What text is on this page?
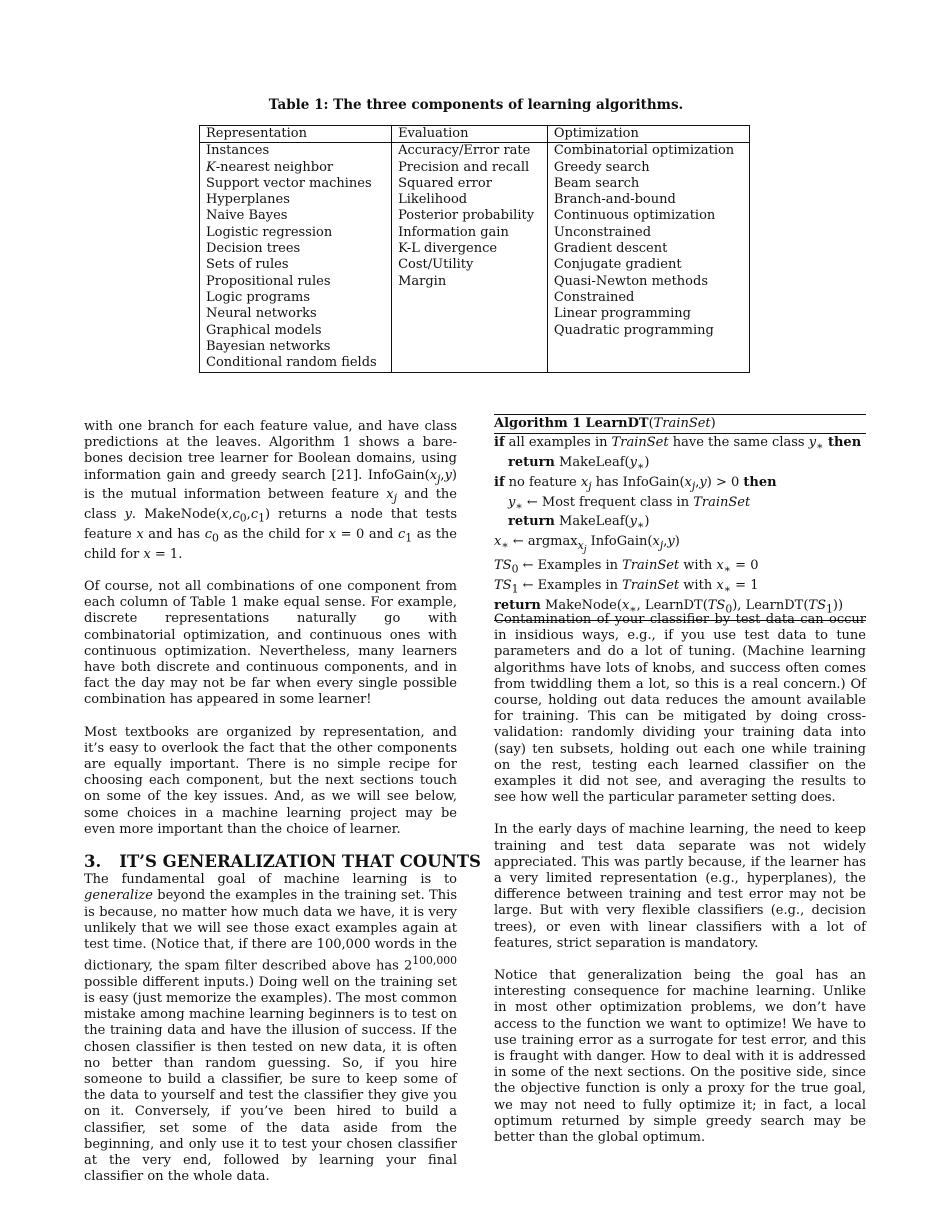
Table 1: The three components of learning algorithms.
Representation	Evaluation	Optimization
Instances	Accuracy/Error rate	Combinatorial optimization
K-nearest neighbor	Precision and recall	Greedy search
Support vector machines	Squared error	Beam search
Hyperplanes	Likelihood	Branch-and-bound
Naive Bayes	Posterior probability	Continuous optimization
Logistic regression	Information gain	Unconstrained
Decision trees	K-L divergence	Gradient descent
Sets of rules	Cost/Utility	Conjugate gradient
Propositional rules	Margin	Quasi-Newton methods
Logic programs		Constrained
Neural networks		Linear programming
Graphical models		Quadratic programming
Bayesian networks		
Conditional random fields		
Algorithm 1 LearnDT(TrainSet)
if all examples in TrainSet have the same class $y_∗$ then
return $MakeLeaf(y_∗)$
if no feature $x_j$ has $InfoGain(x_j,y) > 0$ then
$y_∗$ ← Most frequent class in TrainSet
return $MakeLeaf(y_∗)$
$x_∗$ ← argmax$_{x_j}$ $InfoGain(x_j,y)$
$TS_0$ ← Examples in TrainSet with $x_∗ = 0$
$TS_1$ ← Examples in TrainSet with $x_∗ = 1$
return $MakeNode(x_∗$, $LearnDT(TS_0)$, $LearnDT(TS_1)$)

with one branch for each feature value, and have class predictions at the leaves. Algorithm 1 shows a bare-bones decision tree learner for Boolean domains, using information gain and greedy search [21]. $InfoGain(x_j,y)$ is the mutual information between feature $x_j$ and the class y. $MakeNode(x,c_0,c_1)$ returns a node that tests feature x and has $c_0$ as the child for x = 0 and $c_1$ as the child for x = 1.

Of course, not all combinations of one component from each column of Table 1 make equal sense. For example, discrete representations naturally go with combinatorial optimization, and continuous ones with continuous optimization. Nevertheless, many learners have both discrete and continuous components, and in fact the day may not be far when every single possible combination has appeared in some learner!

Most textbooks are organized by representation, and it’s easy to overlook the fact that the other components are equally important. There is no simple recipe for choosing each component, but the next sections touch on some of the key issues. And, as we will see below, some choices in a machine learning project may be even more important than the choice of learner.

3. IT’S GENERALIZATION THAT COUNTS

The fundamental goal of machine learning is to generalize beyond the examples in the training set. This is because, no matter how much data we have, it is very unlikely that we will see those exact examples again at test time. (Notice that, if there are 100,000 words in the dictionary, the spam filter described above has 2$^{100,000}$ possible different inputs.) Doing well on the training set is easy (just memorize the examples). The most common mistake among machine learning beginners is to test on the training data and have the illusion of success. If the chosen classifier is then tested on new data, it is often no better than random guessing. So, if you hire someone to build a classifier, be sure to keep some of the data to yourself and test the classifier they give you on it. Conversely, if you’ve been hired to build a classifier, set some of the data aside from the beginning, and only use it to test your chosen classifier at the very end, followed by learning your final classifier on the whole data.

Contamination of your classifier by test data can occur in insidious ways, e.g., if you use test data to tune parameters and do a lot of tuning. (Machine learning algorithms have lots of knobs, and success often comes from twiddling them a lot, so this is a real concern.) Of course, holding out data reduces the amount available for training. This can be mitigated by doing cross-validation: randomly dividing your training data into (say) ten subsets, holding out each one while training on the rest, testing each learned classifier on the examples it did not see, and averaging the results to see how well the particular parameter setting does.

In the early days of machine learning, the need to keep training and test data separate was not widely appreciated. This was partly because, if the learner has a very limited representation (e.g., hyperplanes), the difference between training and test error may not be large. But with very flexible classifiers (e.g., decision trees), or even with linear classifiers with a lot of features, strict separation is mandatory.

Notice that generalization being the goal has an interesting consequence for machine learning. Unlike in most other optimization problems, we don’t have access to the function we want to optimize! We have to use training error as a surrogate for test error, and this is fraught with danger. How to deal with it is addressed in some of the next sections. On the positive side, since the objective function is only a proxy for the true goal, we may not need to fully optimize it; in fact, a local optimum returned by simple greedy search may be better than the global optimum.
